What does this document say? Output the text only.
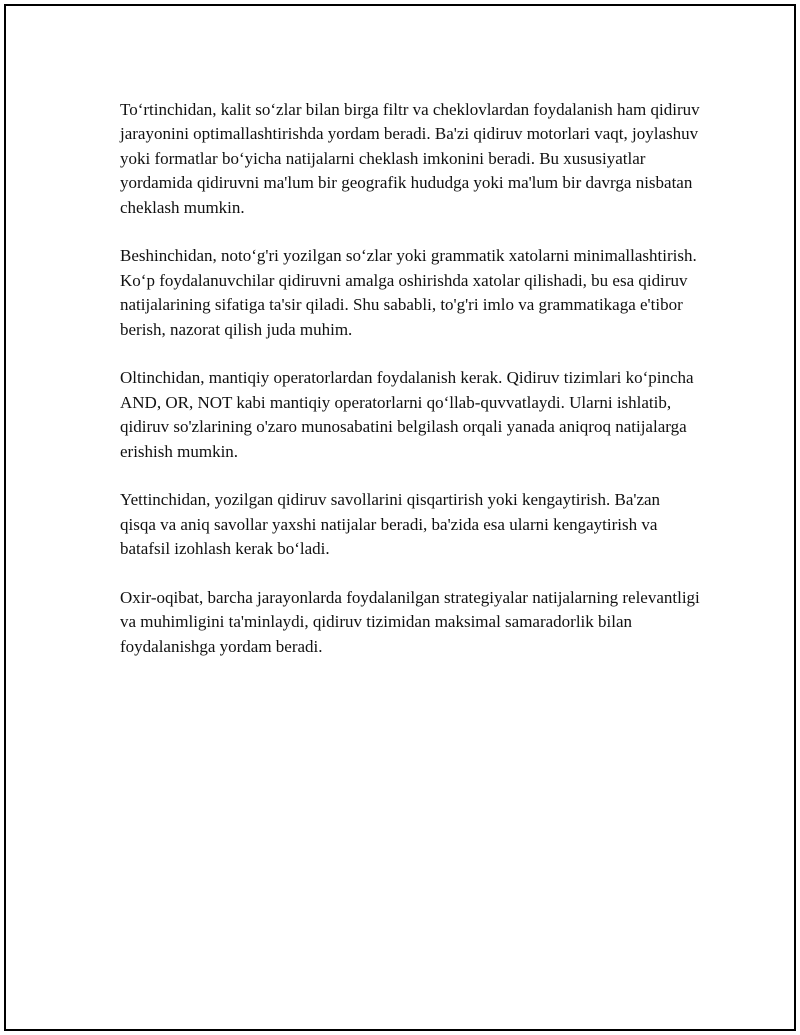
To‘rtinchidan, kalit so‘zlar bilan birga filtr va cheklovlardan foydalanish ham qidiruv jarayonini optimallashtirishda yordam beradi. Ba'zi qidiruv motorlari vaqt, joylashuv yoki formatlar bo‘yicha natijalarni cheklash imkonini beradi. Bu xususiyatlar yordamida qidiruvni ma'lum bir geografik hududga yoki ma'lum bir davrga nisbatan cheklash mumkin.

Beshinchidan, noto‘g'ri yozilgan so‘zlar yoki grammatik xatolarni minimallashtirish. Ko‘p foydalanuvchilar qidiruvni amalga oshirishda xatolar qilishadi, bu esa qidiruv natijalarining sifatiga ta'sir qiladi. Shu sababli, to'g'ri imlo va grammatikaga e'tibor berish, nazorat qilish juda muhim.

Oltinchidan, mantiqiy operatorlardan foydalanish kerak. Qidiruv tizimlari ko‘pincha AND, OR, NOT kabi mantiqiy operatorlarni qo‘llab-quvvatlaydi. Ularni ishlatib, qidiruv so'zlarining o'zaro munosabatini belgilash orqali yanada aniqroq natijalarga erishish mumkin.

Yettinchidan, yozilgan qidiruv savollarini qisqartirish yoki kengaytirish. Ba'zan qisqa va aniq savollar yaxshi natijalar beradi, ba'zida esa ularni kengaytirish va batafsil izohlash kerak bo‘ladi.

Oxir-oqibat, barcha jarayonlarda foydalanilgan strategiyalar natijalarning relevantligi va muhimligini ta'minlaydi, qidiruv tizimidan maksimal samaradorlik bilan foydalanishga yordam beradi.
